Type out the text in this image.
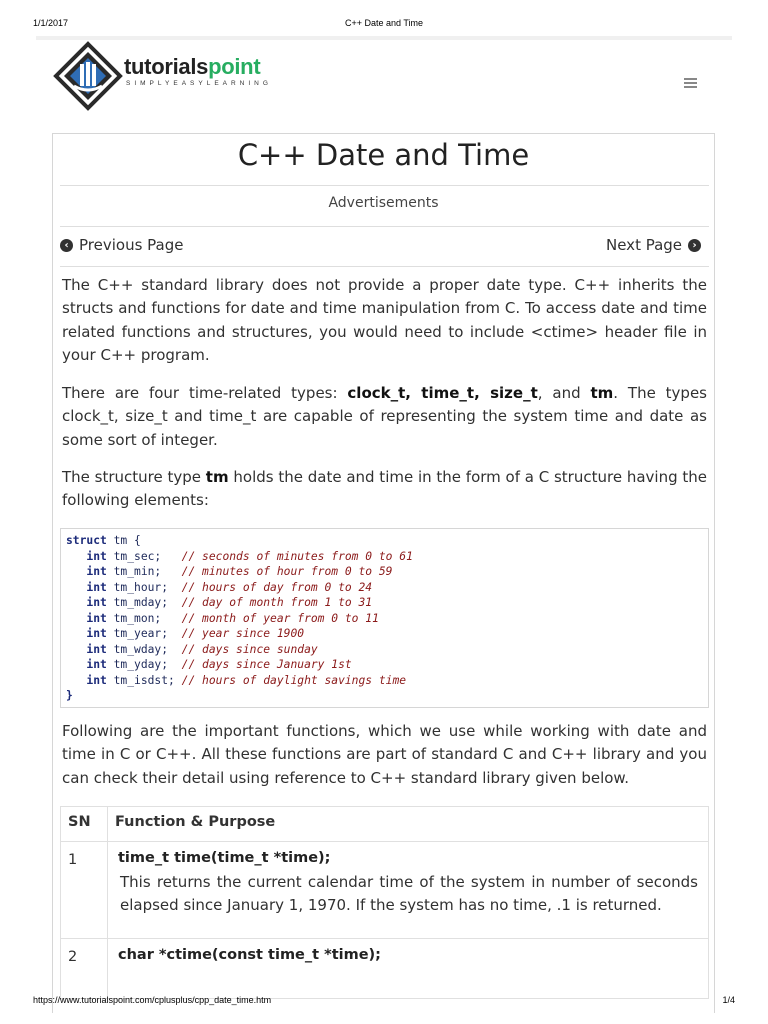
1/1/2017	C++ Date and Time
tutorialspoint
SIMPLYEASYLEARNING
C++ Date and Time
Advertisements
‹ Previous Page	Next Page	›

The C++ standard library does not provide a proper date type. C++ inherits the structs and functions for date and time manipulation from C. To access date and time related functions and structures, you would need to include <ctime> header file in your C++ program.

There are four time-related types: clock_t, time_t, size_t, and tm. The types clock_t, size_t and time_t are capable of representing the system time and date as some sort of integer.

The structure type tm holds the date and time in the form of a C structure having the following elements:

struct tm {
int tm_sec;   // seconds of minutes from 0 to 61
int tm_min;   // minutes of hour from 0 to 59
int tm_hour;  // hours of day from 0 to 24
int tm_mday;  // day of month from 1 to 31
int tm_mon;   // month of year from 0 to 11
int tm_year;  // year since 1900
int tm_wday;  // days since sunday
int tm_yday;  // days since January 1st
int tm_isdst; // hours of daylight savings time
}

Following are the important functions, which we use while working with date and time in C or C++. All these functions are part of standard C and C++ library and you can check their detail using reference to C++ standard library given below.

SN	Function & Purpose
1	time_t time(time_t *time);
This returns the current calendar time of the system in number of seconds elapsed since January 1, 1970. If the system has no time, .1 is returned.

2	char *ctime(const time_t *time);
https://www.tutorialspoint.com/cplusplus/cpp_date_time.htm	1/4
